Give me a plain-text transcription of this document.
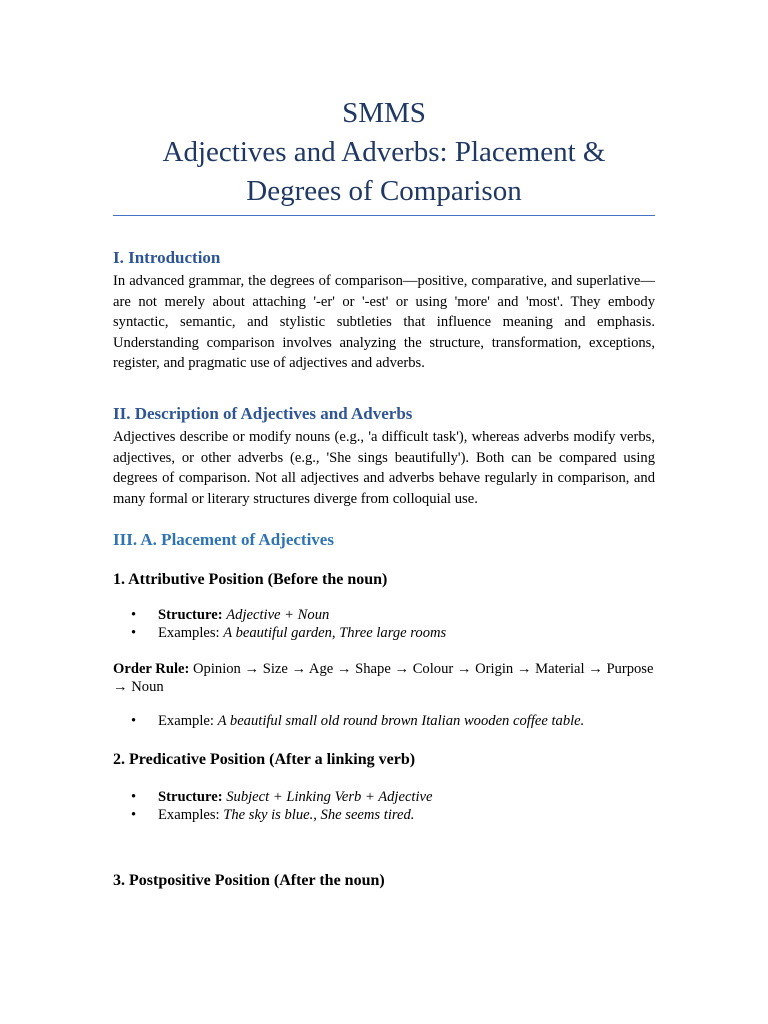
SMMS
Adjectives and Adverbs: Placement &
Degrees of Comparison
I. Introduction

In advanced grammar, the degrees of comparison—positive, comparative, and superlative—are not merely about attaching '-er' or '-est' or using 'more' and 'most'. They embody syntactic, semantic, and stylistic subtleties that influence meaning and emphasis. Understanding comparison involves analyzing the structure, transformation, exceptions, register, and pragmatic use of adjectives and adverbs.

II. Description of Adjectives and Adverbs

Adjectives describe or modify nouns (e.g., 'a difficult task'), whereas adverbs modify verbs, adjectives, or other adverbs (e.g., 'She sings beautifully'). Both can be compared using degrees of comparison. Not all adjectives and adverbs behave regularly in comparison, and many formal or literary structures diverge from colloquial use.

III. A. Placement of Adjectives
1. Attributive Position (Before the noun)
• Structure: Adjective + Noun
• Examples: A beautiful garden, Three large rooms

Order Rule: Opinion → Size → Age → Shape → Colour → Origin → Material → Purpose → Noun

• Example: A beautiful small old round brown Italian wooden coffee table.
2. Predicative Position (After a linking verb)
• Structure: Subject + Linking Verb + Adjective
• Examples: The sky is blue., She seems tired.
3. Postpositive Position (After the noun)
